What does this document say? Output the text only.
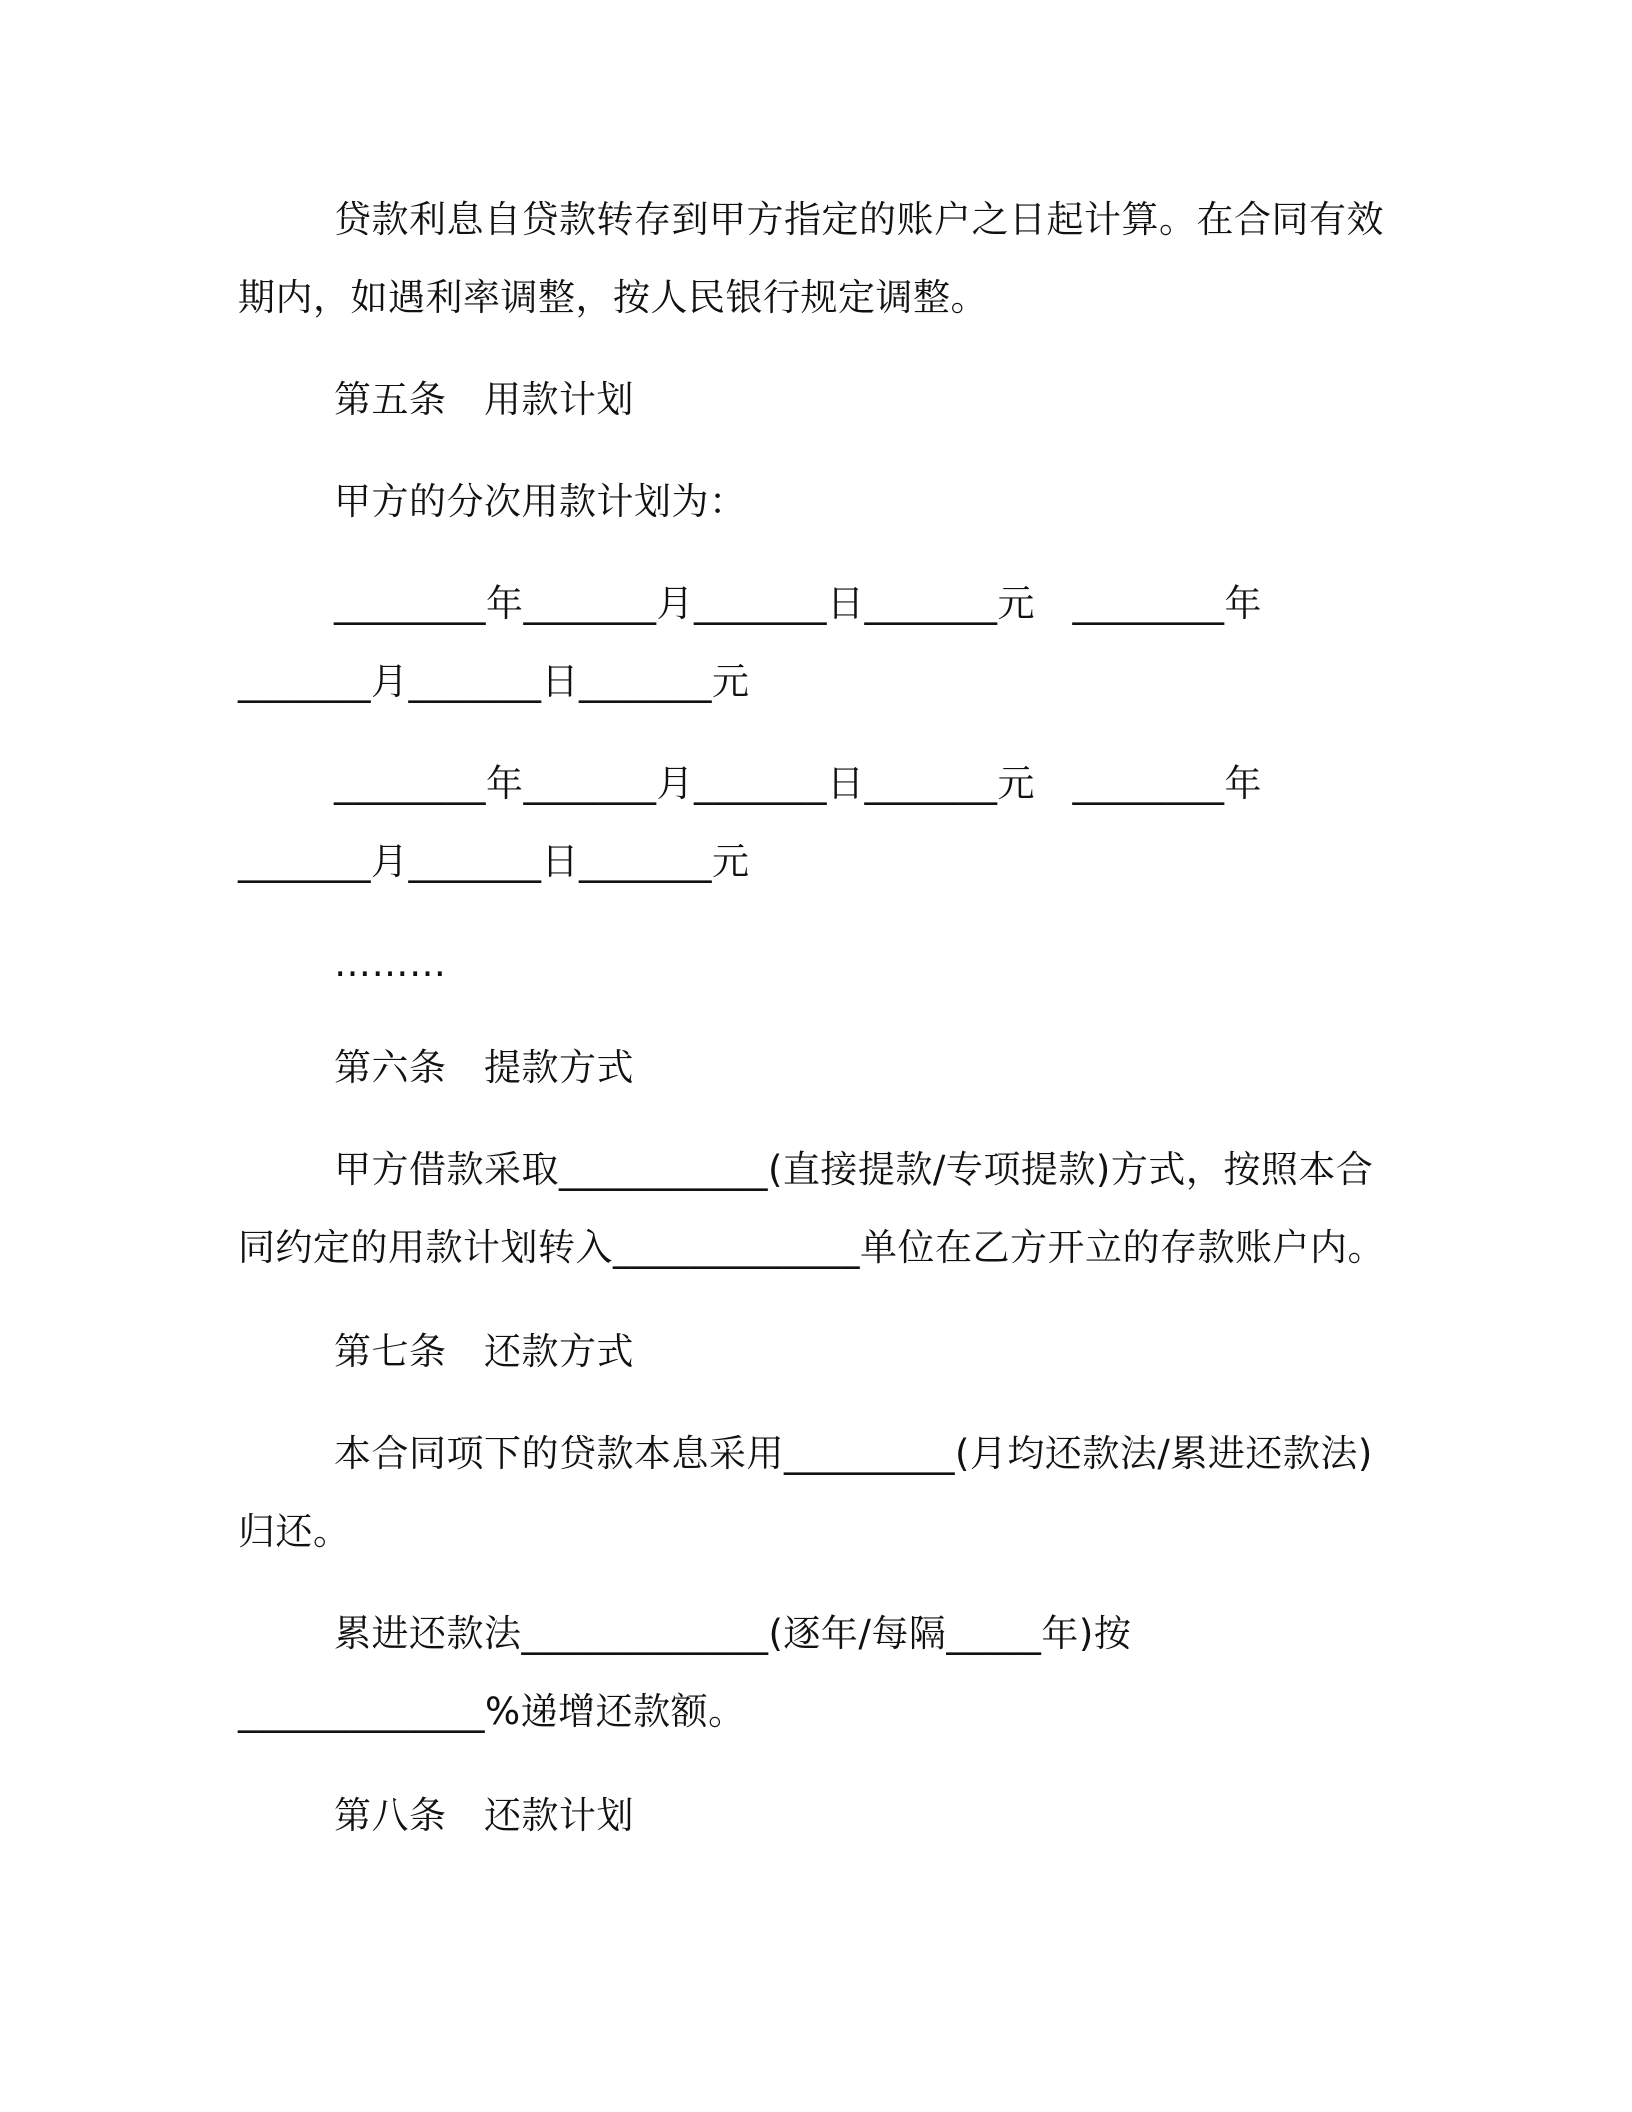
贷款利息自贷款转存到甲方指定的账户之日起计算。在合同有效
期内，如遇利率调整，按人民银行规定调整。
第五条　用款计划
甲方的分次用款计划为：
________年_______月_______日_______元　________年
_______月_______日_______元
________年_______月_______日_______元　________年
_______月_______日_______元
………
第六条　提款方式
甲方借款采取___________(直接提款/专项提款)方式，按照本合
同约定的用款计划转入_____________单位在乙方开立的存款账户内。
第七条　还款方式
本合同项下的贷款本息采用_________(月均还款法/累进还款法)
归还。
累进还款法_____________(逐年/每隔_____年)按
_____________%递增还款额。
第八条　还款计划
